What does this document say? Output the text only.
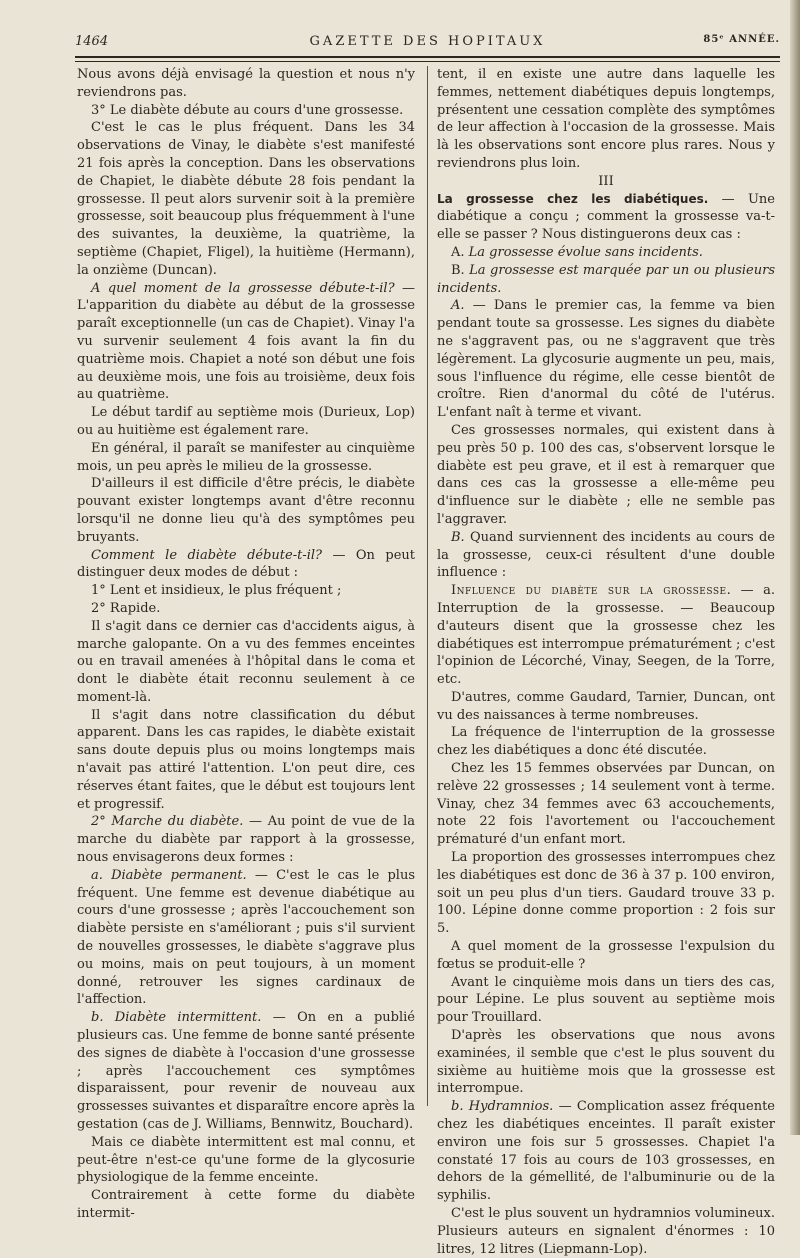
1464	GAZETTE DES HOPITAUX	85ᵉ ANNÉE.

Nous avons déjà envisagé la question et nous n'y reviendrons pas.

3° Le diabète débute au cours d'une grossesse.

C'est le cas le plus fréquent. Dans les 34 observations de Vinay, le diabète s'est manifesté 21 fois après la conception. Dans les observations de Chapiet, le diabète débute 28 fois pendant la grossesse. Il peut alors survenir soit à la première grossesse, soit beaucoup plus fréquemment à l'une des suivantes, la deuxième, la quatrième, la septième (Chapiet, Fligel), la huitième (Hermann), la onzième (Duncan).

A quel moment de la grossesse débute-t-il? — L'apparition du diabète au début de la grossesse paraît exceptionnelle (un cas de Chapiet). Vinay l'a vu survenir seulement 4 fois avant la fin du quatrième mois. Chapiet a noté son début une fois au deuxième mois, une fois au troisième, deux fois au quatrième.

Le début tardif au septième mois (Durieux, Lop) ou au huitième est également rare.

En général, il paraît se manifester au cinquième mois, un peu après le milieu de la grossesse.

D'ailleurs il est difficile d'être précis, le diabète pouvant exister longtemps avant d'être reconnu lorsqu'il ne donne lieu qu'à des symptômes peu bruyants.

Comment le diabète débute-t-il? — On peut distinguer deux modes de début :

1° Lent et insidieux, le plus fréquent ;

2° Rapide.

Il s'agit dans ce dernier cas d'accidents aigus, à marche galopante. On a vu des femmes enceintes ou en travail amenées à l'hôpital dans le coma et dont le diabète était reconnu seulement à ce moment-là.

Il s'agit dans notre classification du début apparent. Dans les cas rapides, le diabète existait sans doute depuis plus ou moins longtemps mais n'avait pas attiré l'attention. L'on peut dire, ces réserves étant faites, que le début est toujours lent et progressif.

2° Marche du diabète. — Au point de vue de la marche du diabète par rapport à la grossesse, nous envisagerons deux formes :

a. Diabète permanent. — C'est le cas le plus fréquent. Une femme est devenue diabétique au cours d'une grossesse ; après l'accouchement son diabète persiste en s'améliorant ; puis s'il survient de nouvelles grossesses, le diabète s'aggrave plus ou moins, mais on peut toujours, à un moment donné, retrouver les signes cardinaux de l'affection.

b. Diabète intermittent. — On en a publié plusieurs cas. Une femme de bonne santé présente des signes de diabète à l'occasion d'une grossesse ; après l'accouchement ces symptômes disparaissent, pour revenir de nouveau aux grossesses suivantes et disparaître encore après la gestation (cas de J. Williams, Bennwitz, Bouchard).

Mais ce diabète intermittent est mal connu, et peut-être n'est-ce qu'une forme de la glycosurie physiologique de la femme enceinte.

Contrairement à cette forme du diabète intermit-

tent, il en existe une autre dans laquelle les femmes, nettement diabétiques depuis longtemps, présentent une cessation complète des symptômes de leur affection à l'occasion de la grossesse. Mais là les observations sont encore plus rares. Nous y reviendrons plus loin.

III

La grossesse chez les diabétiques. — Une diabétique a conçu ; comment la grossesse va-t-elle se passer ? Nous distinguerons deux cas :

A. La grossesse évolue sans incidents.

B. La grossesse est marquée par un ou plusieurs incidents.

A. — Dans le premier cas, la femme va bien pendant toute sa grossesse. Les signes du diabète ne s'aggravent pas, ou ne s'aggravent que très légèrement. La glycosurie augmente un peu, mais, sous l'influence du régime, elle cesse bientôt de croître. Rien d'anormal du côté de l'utérus. L'enfant naît à terme et vivant.

Ces grossesses normales, qui existent dans à peu près 50 p. 100 des cas, s'observent lorsque le diabète est peu grave, et il est à remarquer que dans ces cas la grossesse a elle-même peu d'influence sur le diabète ; elle ne semble pas l'aggraver.

B. Quand surviennent des incidents au cours de la grossesse, ceux-ci résultent d'une double influence :

Influence du diabète sur la grossesse. — a. Interruption de la grossesse. — Beaucoup d'auteurs disent que la grossesse chez les diabétiques est interrompue prématurément ; c'est l'opinion de Lécorché, Vinay, Seegen, de la Torre, etc.

D'autres, comme Gaudard, Tarnier, Duncan, ont vu des naissances à terme nombreuses.

La fréquence de l'interruption de la grossesse chez les diabétiques a donc été discutée.

Chez les 15 femmes observées par Duncan, on relève 22 grossesses ; 14 seulement vont à terme. Vinay, chez 34 femmes avec 63 accouchements, note 22 fois l'avortement ou l'accouchement prématuré d'un enfant mort.

La proportion des grossesses interrompues chez les diabétiques est donc de 36 à 37 p. 100 environ, soit un peu plus d'un tiers. Gaudard trouve 33 p. 100. Lépine donne comme proportion : 2 fois sur 5.

A quel moment de la grossesse l'expulsion du fœtus se produit-elle ?

Avant le cinquième mois dans un tiers des cas, pour Lépine. Le plus souvent au septième mois pour Trouillard.

D'après les observations que nous avons examinées, il semble que c'est le plus souvent du sixième au huitième mois que la grossesse est interrompue.

b. Hydramnios. — Complication assez fréquente chez les diabétiques enceintes. Il paraît exister environ une fois sur 5 grossesses. Chapiet l'a constaté 17 fois au cours de 103 grossesses, en dehors de la gémellité, de l'albuminurie ou de la syphilis.

C'est le plus souvent un hydramnios volumineux. Plusieurs auteurs en signalent d'énormes : 10 litres, 12 litres (Liepmann-Lop).
